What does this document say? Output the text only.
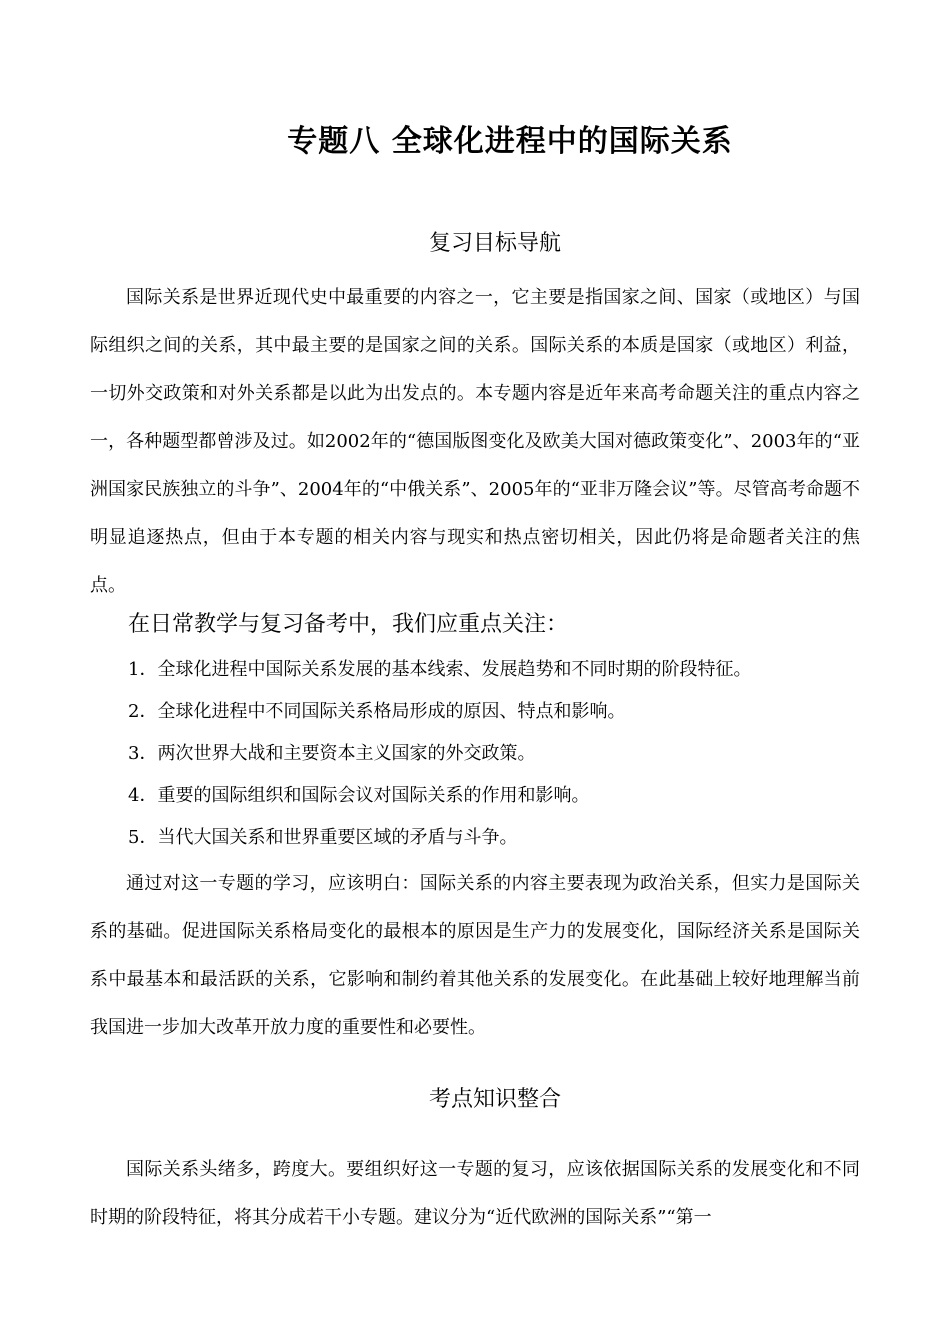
专题八 全球化进程中的国际关系
复习目标导航

国际关系是世界近现代史中最重要的内容之一，它主要是指国家之间、国家（或地区）与国际组织之间的关系，其中最主要的是国家之间的关系。国际关系的本质是国家（或地区）利益，一切外交政策和对外关系都是以此为出发点的。本专题内容是近年来高考命题关注的重点内容之一，各种题型都曾涉及过。如2002年的“德国版图变化及欧美大国对德政策变化”、2003年的“亚洲国家民族独立的斗争”、2004年的“中俄关系”、2005年的“亚非万隆会议”等。尽管高考命题不明显追逐热点，但由于本专题的相关内容与现实和热点密切相关，因此仍将是命题者关注的焦点。

在日常教学与复习备考中，我们应重点关注：
1．全球化进程中国际关系发展的基本线索、发展趋势和不同时期的阶段特征。
2．全球化进程中不同国际关系格局形成的原因、特点和影响。
3．两次世界大战和主要资本主义国家的外交政策。
4．重要的国际组织和国际会议对国际关系的作用和影响。
5．当代大国关系和世界重要区域的矛盾与斗争。

通过对这一专题的学习，应该明白：国际关系的内容主要表现为政治关系，但实力是国际关系的基础。促进国际关系格局变化的最根本的原因是生产力的发展变化，国际经济关系是国际关系中最基本和最活跃的关系，它影响和制约着其他关系的发展变化。在此基础上较好地理解当前我国进一步加大改革开放力度的重要性和必要性。

考点知识整合

国际关系头绪多，跨度大。要组织好这一专题的复习，应该依据国际关系的发展变化和不同时期的阶段特征，将其分成若干小专题。建议分为“近代欧洲的国际关系”“第一
